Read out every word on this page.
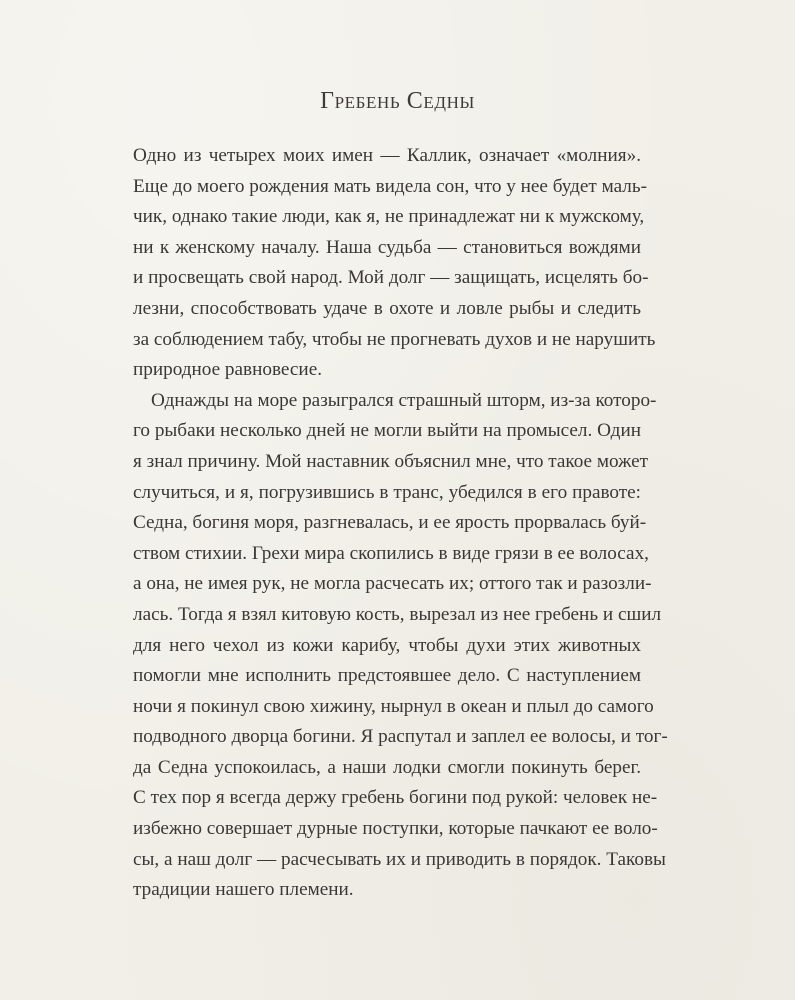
Гребень Седны

Одно из четырех моих имен — Каллик, означает «молния».
Еще до моего рождения мать видела сон, что у нее будет маль-
чик, однако такие люди, как я, не принадлежат ни к мужскому,
ни к женскому началу. Наша судьба — становиться вождями
и просвещать свой народ. Мой долг — защищать, исцелять бо-
лезни, способствовать удаче в охоте и ловле рыбы и следить
за соблюдением табу, чтобы не прогневать духов и не нарушить
природное равновесие.

Однажды на море разыгрался страшный шторм, из-за которо-
го рыбаки несколько дней не могли выйти на промысел. Один
я знал причину. Мой наставник объяснил мне, что такое может
случиться, и я, погрузившись в транс, убедился в его правоте:
Седна, богиня моря, разгневалась, и ее ярость прорвалась буй-
ством стихии. Грехи мира скопились в виде грязи в ее волосах,
а она, не имея рук, не могла расчесать их; оттого так и разозли-
лась. Тогда я взял китовую кость, вырезал из нее гребень и сшил
для него чехол из кожи карибу, чтобы духи этих животных
помогли мне исполнить предстоявшее дело. С наступлением
ночи я покинул свою хижину, нырнул в океан и плыл до самого
подводного дворца богини. Я распутал и заплел ее волосы, и тог-
да Седна успокоилась, а наши лодки смогли покинуть берег.
С тех пор я всегда держу гребень богини под рукой: человек не-
избежно совершает дурные поступки, которые пачкают ее воло-
сы, а наш долг — расчесывать их и приводить в порядок. Таковы
традиции нашего племени.
